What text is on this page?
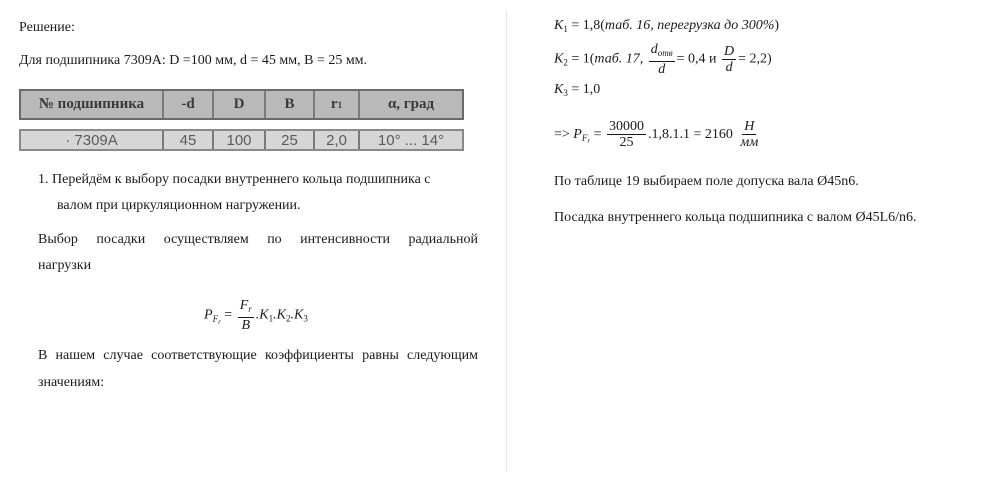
Решение:
Для подшипника 7309А: D =100 мм, d = 45 мм, B = 25 мм.
№ подшипника	-d	D	B	r 1	α, град
· 7309А	45	100	25	2,0	10° ... 14°
1. Перейдём к выбору посадки внутреннего кольца подшипника с
валом при циркуляционном нагружении.
Выбор посадки осуществляем по интенсивности радиальной
нагрузки
$P_{F_r} = \frac{F_r}{B} .K_1.K_2.K_3$
В нашем случае соответствующие коэффициенты равны следующим
значениям:
$K_1 = 1,8(таб$. 16, перегрузка до 300%)
$K_2 = 1(таб$. 17, $\frac{d_{отв}}{d} = 0,4$ и $\frac{D}{d} = 2,2$)
$K_3 = 1,0$
=> $P_{F_r} = \frac{30000}{25} .1,8.1.1 = 2160 \frac{Н}{мм}$
По таблице 19 выбираем поле допуска вала Ø45n6.
Посадка внутреннего кольца подшипника с валом Ø45L6/n6.
